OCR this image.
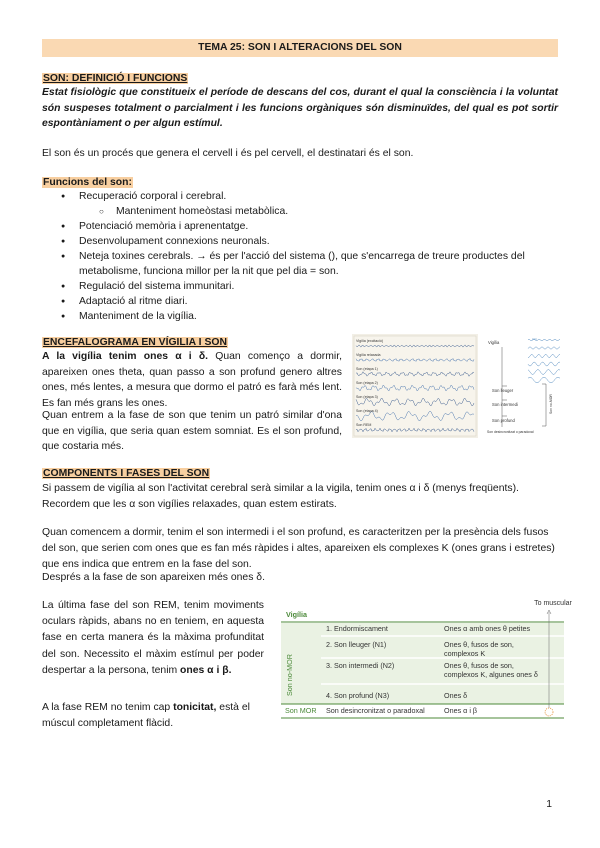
TEMA 25: SON I ALTERACIONS DEL SON
SON: DEFINICIÓ I FUNCIONS
Estat fisiològic que constitueix el període de descans del cos, durant el qual la consciència i la voluntat són suspeses totalment o parcialment i les funcions orgàniques són disminuïdes, del qual es pot sortir espontàniament o per algun estímul.
El son és un procés que genera el cervell i és pel cervell, el destinatari és el son.
Funcions del son:
● Recuperació corporal i cerebral.
○ Manteniment homeòstasi metabòlica.
● Potenciació memòria i aprenentatge.
● Desenvolupament connexions neuronals.
● Neteja toxines cerebrals. → és per l'acció del sistema (), que s'encarrega de treure productes del metabolisme, funciona millor per la nit que pel dia = son.
● Regulació del sistema immunitari.
● Adaptació al ritme diari.
● Manteniment de la vigília.
ENCEFALOGRAMA EN VÍGILIA I SON
A la vigília tenim ones α i δ. Quan començo a dormir, apareixen ones theta, quan passo a son profund genero altres ones, més lentes, a mesura que dormo el patró es farà més lent. Es fan més grans les ones.
Quan entrem a la fase de son que tenim un patró similar d'ona que en vigília, que seria quan estem somniat. Es el son profund, que costaria més.
Vigília (excitació)
Vigília relaxada
Son (etapa 1)
Son (etapa 2)
Son (etapa 3)
Son (etapa 4)
Son REM
Vigília
Son lleuger
Son intermedi
Son profund
Son desincronitzat o paradoxal
Son no-MOR
≈≈≈
COMPONENTS I FASES DEL SON
Si passem de vigília al son l'activitat cerebral serà similar a la vigila, tenim ones α i δ (menys freqüents). Recordem que les α son vigílies relaxades, quan estem estirats.
Quan comencem a dormir, tenim el son intermedi i el son profund, es caracteritzen per la presència dels fusos del son, que serien com ones que es fan més ràpides i altes, apareixen els complexes K (ones grans i estretes) que ens indica que entrem en la fase del son.
Després a la fase de son apareixen més ones δ.
La última fase del son REM, tenim moviments oculars ràpids, abans no en teniem, en aquesta fase en certa manera és la màxima profunditat del son. Necessito el màxim estímul per poder despertar a la persona, tenim ones α i β.
A la fase REM no tenim cap tonicitat, està el múscul completament flàcid.
Vigília
To muscular
Son no-MOR
1. Endormiscament	Ones α amb ones θ petites
2. Son lleuger (N1)	Ones θ, fusos de son, complexos K
3. Son intermedi (N2)	Ones θ, fusos de son, complexos K, algunes ones δ
4. Son profund (N3)	Ones δ
Son MOR Son desincronitzat o paradoxal	Ones α i β
1
